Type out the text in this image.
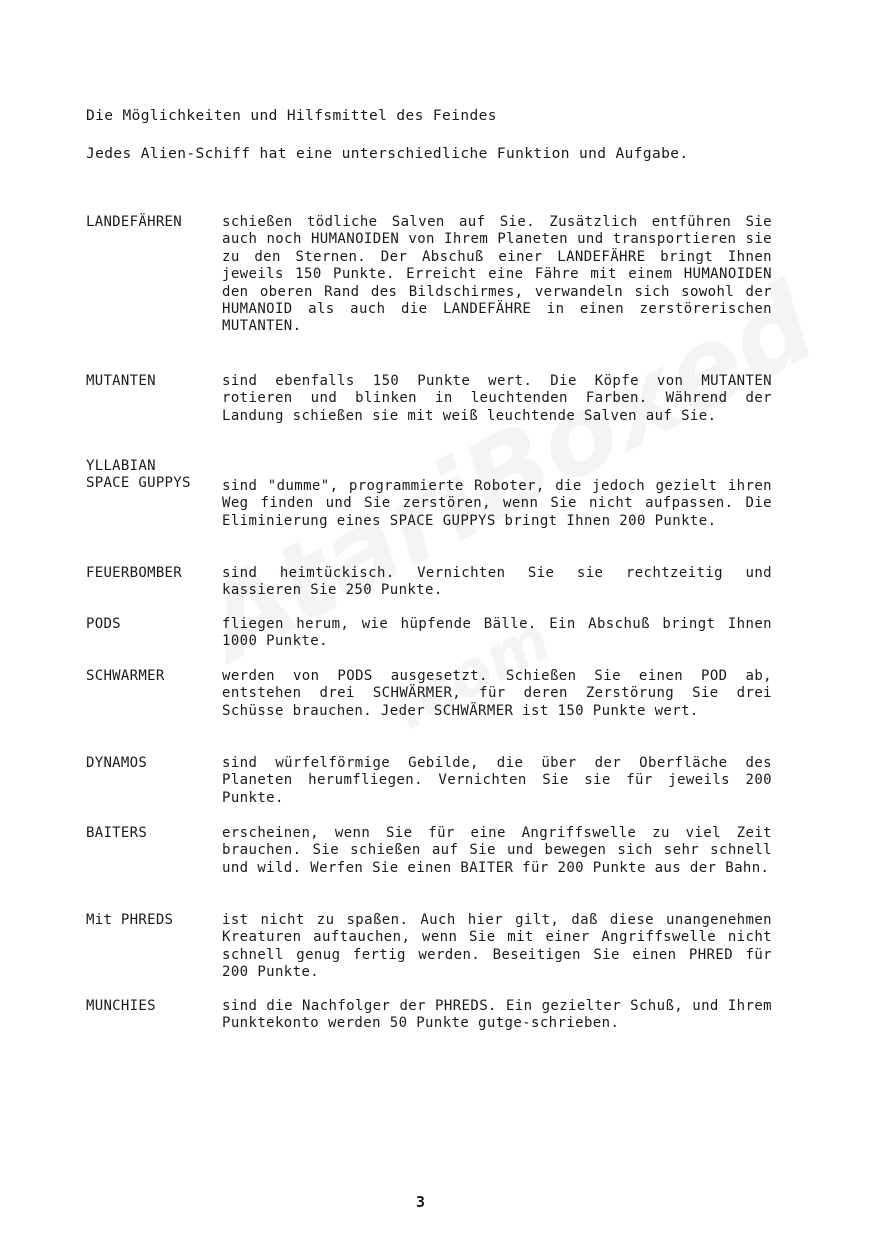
Die Möglichkeiten und Hilfsmittel des Feindes
Jedes Alien-Schiff hat eine unterschiedliche Funktion und Aufgabe.
LANDEFÄHREN	schießen tödliche Salven auf Sie. Zusätzlich entführen Sie auch noch HUMANOIDEN von Ihrem Planeten und transportieren sie zu den Sternen. Der Abschuß einer LANDEFÄHRE bringt Ihnen jeweils 150 Punkte. Erreicht eine Fähre mit einem HUMANOIDEN den oberen Rand des Bildschirmes, verwandeln sich sowohl der HUMANOID als auch die LANDEFÄHRE in einen zerstörerischen MUTANTEN.
MUTANTEN	sind ebenfalls 150 Punkte wert. Die Köpfe von MUTANTEN rotieren und blinken in leuchtenden Farben. Während der Landung schießen sie mit weiß leuchtende Salven auf Sie.
YLLABIAN
SPACE GUPPYS	sind "dumme", programmierte Roboter, die jedoch gezielt ihren Weg finden und Sie zerstören, wenn Sie nicht aufpassen. Die Eliminierung eines SPACE GUPPYS bringt Ihnen 200 Punkte.
FEUERBOMBER	sind heimtückisch. Vernichten Sie sie rechtzeitig und kassieren Sie 250 Punkte.
PODS	fliegen herum, wie hüpfende Bälle. Ein Abschuß bringt Ihnen 1000 Punkte.
SCHWARMER	werden von PODS ausgesetzt. Schießen Sie einen POD ab, entstehen drei SCHWÄRMER, für deren Zerstörung Sie drei Schüsse brauchen. Jeder SCHWÄRMER ist 150 Punkte wert.
DYNAMOS	sind würfelförmige Gebilde, die über der Oberfläche des Planeten herumfliegen. Vernichten Sie sie für jeweils 200 Punkte.
BAITERS	erscheinen, wenn Sie für eine Angriffswelle zu viel Zeit brauchen. Sie schießen auf Sie und bewegen sich sehr schnell und wild. Werfen Sie einen BAITER für 200 Punkte aus der Bahn.
Mit PHREDS	ist nicht zu spaßen. Auch hier gilt, daß diese unangenehmen Kreaturen auftauchen, wenn Sie mit einer Angriffswelle nicht schnell genug fertig werden. Beseitigen Sie einen PHRED für 200 Punkte.
MUNCHIES	sind die Nachfolger der PHREDS. Ein gezielter Schuß, und Ihrem Punktekonto werden 50 Punkte gutge-schrieben.
3
